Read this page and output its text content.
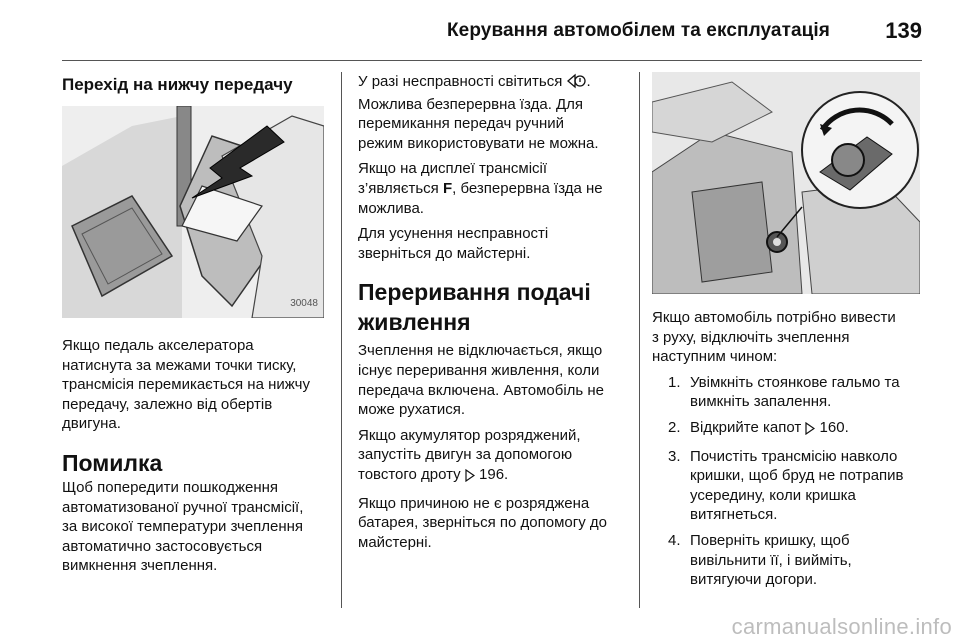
Керування автомобілем та експлуатація	139
Перехід на нижчу передачу
30048

Якщо педаль акселератора
натиснута за межами точки тиску,
трансмісія перемикається на нижчу
передачу, залежно від обертів
двигуна.

Помилка

Щоб попередити пошкодження
автоматизованої ручної трансмісії,
за високої температури зчеплення
автоматично застосовується
вимкнення зчеплення.

У разі несправності світиться .
Можлива безперервна їзда. Для
перемикання передач ручний
режим використовувати не можна.

Якщо на дисплеї трансмісії
з’являється F, безперервна їзда не
можлива.

Для усунення несправності
зверніться до майстерні.

Переривання подачі
живлення

Зчеплення не відключається, якщо
існує переривання живлення, коли
передача включена. Автомобіль не
може рухатися.

Якщо акумулятор розряджений,
запустіть двигун за допомогою
товстого дроту  196.

Якщо причиною не є розряджена
батарея, зверніться по допомогу до
майстерні.

Якщо автомобіль потрібно вивести
з руху, відключіть зчеплення
наступним чином:

1. Увімкніть стоянкове гальмо та
вимкніть запалення.
2. Відкрийте капот  160.
3. Почистіть трансмісію навколо
кришки, щоб бруд не потрапив
усередину, коли кришка
витягнеться.
4. Поверніть кришку, щоб
вивільнити її, і вийміть,
витягуючи догори.
carmanualsonline.info
